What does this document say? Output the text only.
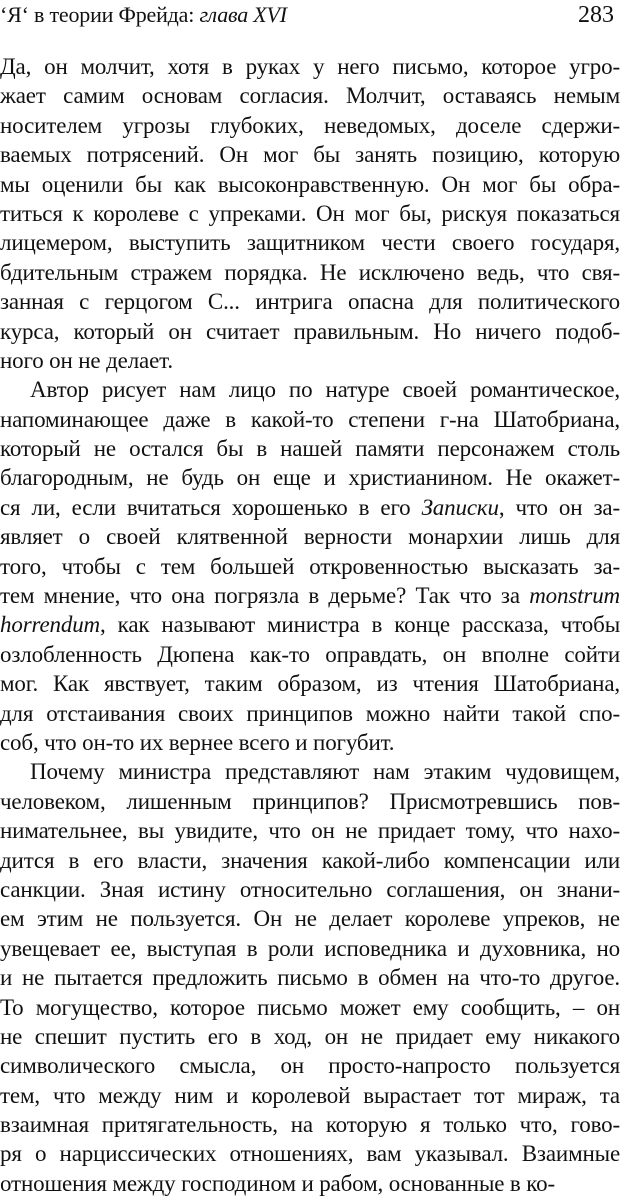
‘Я‘ в теории Фрейда: глава XVI	283
Да, он молчит, хотя в руках у него письмо, которое угро-
жает самим основам согласия. Молчит, оставаясь немым
носителем угрозы глубоких, неведомых, доселе сдержи-
ваемых потрясений. Он мог бы занять позицию, которую
мы оценили бы как высоконравственную. Он мог бы обра-
титься к королеве с упреками. Он мог бы, рискуя показаться
лицемером, выступить защитником чести своего государя,
бдительным стражем порядка. Не исключено ведь, что свя-
занная с герцогом С... интрига опасна для политического
курса, который он считает правильным. Но ничего подоб-
ного он не делает.
Автор рисует нам лицо по натуре своей романтическое,
напоминающее даже в какой-то степени г-на Шатобриана,
который не остался бы в нашей памяти персонажем столь
благородным, не будь он еще и христианином. Не окажет-
ся ли, если вчитаться хорошенько в его Записки, что он за-
являет о своей клятвенной верности монархии лишь для
того, чтобы с тем большей откровенностью высказать за-
тем мнение, что она погрязла в дерьме? Так что за monstrum
horrendum, как называют министра в конце рассказа, чтобы
озлобленность Дюпена как-то оправдать, он вполне сойти
мог. Как явствует, таким образом, из чтения Шатобриана,
для отстаивания своих принципов можно найти такой спо-
соб, что он-то их вернее всего и погубит.
Почему министра представляют нам этаким чудовищем,
человеком, лишенным принципов? Присмотревшись пов-
нимательнее, вы увидите, что он не придает тому, что нахо-
дится в его власти, значения какой-либо компенсации или
санкции. Зная истину относительно соглашения, он знани-
ем этим не пользуется. Он не делает королеве упреков, не
увещевает ее, выступая в роли исповедника и духовника, но
и не пытается предложить письмо в обмен на что-то другое.
То могущество, которое письмо может ему сообщить, – он
не спешит пустить его в ход, он не придает ему никакого
символического смысла, он просто-напросто пользуется
тем, что между ним и королевой вырастает тот мираж, та
взаимная притягательность, на которую я только что, гово-
ря о нарциссических отношениях, вам указывал. Взаимные
отношения между господином и рабом, основанные в ко-
